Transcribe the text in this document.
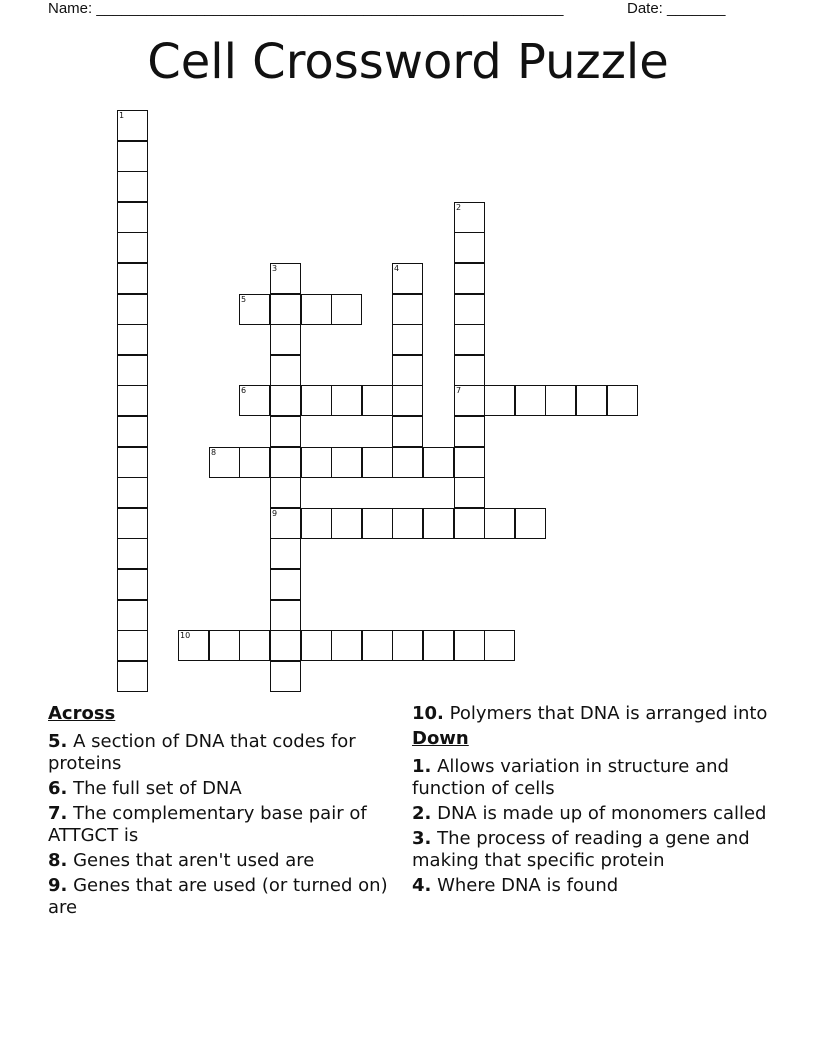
Name: ________________________________________________________	Date: _______
Cell Crossword Puzzle
1
2
7
3
9
4
5
6
8
10
Across
5. A section of DNA that codes for proteins
6. The full set of DNA
7. The complementary base pair of ATTGCT is
8. Genes that aren't used are
9. Genes that are used (or turned on) are
10. Polymers that DNA is arranged into
Down
1. Allows variation in structure and function of cells
2. DNA is made up of monomers called
3. The process of reading a gene and making that specific protein
4. Where DNA is found
